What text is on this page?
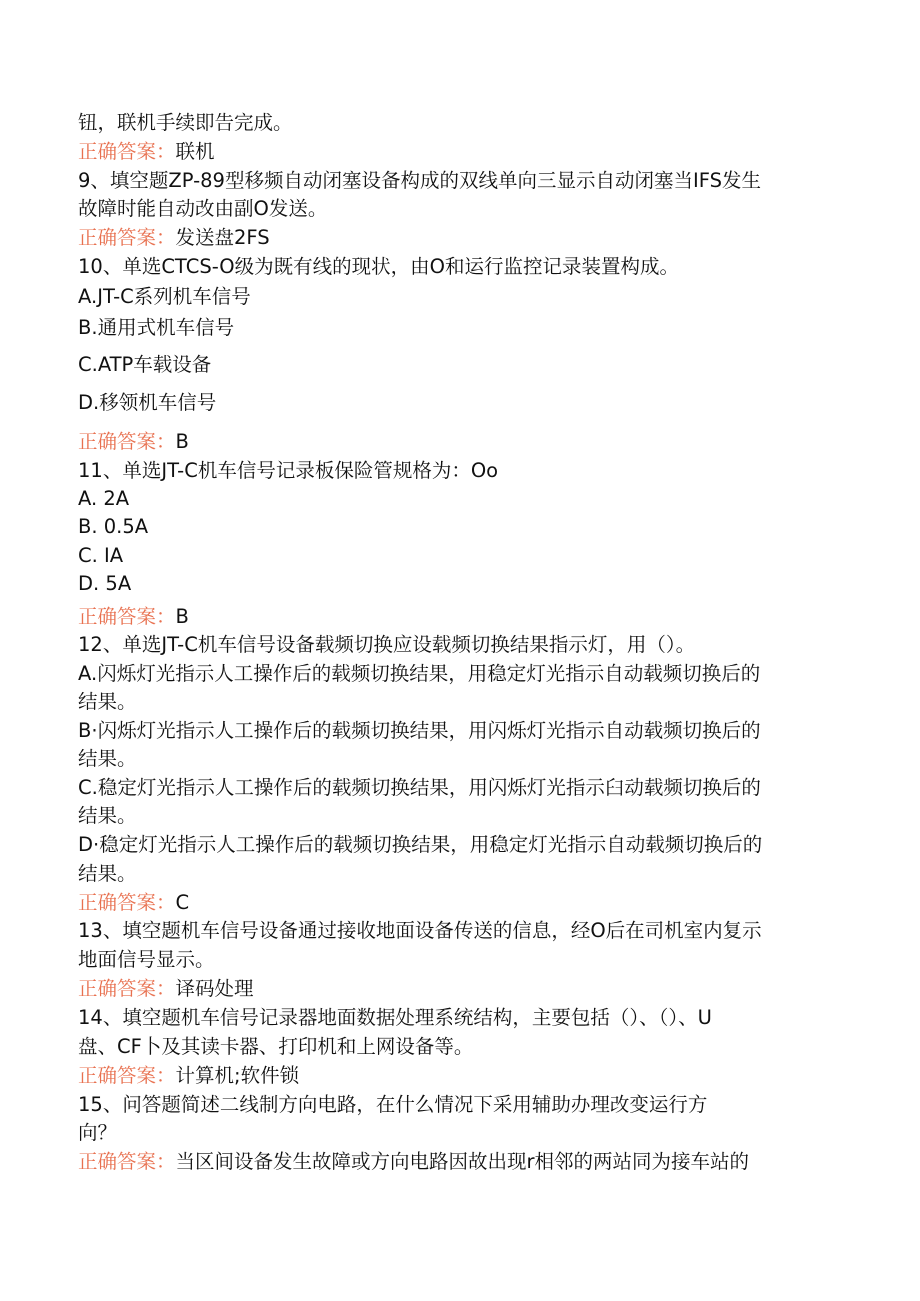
钮，联机手续即告完成。
正确答案：联机
9、填空题ZP-89型移频自动闭塞设备构成的双线单向三显示自动闭塞当IFS发生
故障时能自动改由副O发送。
正确答案：发送盘2FS
10、单选CTCS-O级为既有线的现状，由O和运行监控记录装置构成。
A.JT-C系列机车信号
B.通用式机车信号
C.ATP车载设备
D.移领机车信号
正确答案：B
11、单选JT-C机车信号记录板保险管规格为：Oo
A. 2A
B. 0.5A
C. IA
D. 5A
正确答案：B
12、单选JT-C机车信号设备载频切换应设载频切换结果指示灯，用（）。
A.闪烁灯光指示人工操作后的载频切换结果，用稳定灯光指示自动载频切换后的
结果。
B·闪烁灯光指示人工操作后的载频切换结果，用闪烁灯光指示自动载频切换后的
结果。
C.稳定灯光指示人工操作后的载频切换结果，用闪烁灯光指示臼动载频切换后的
结果。
D·稳定灯光指示人工操作后的载频切换结果，用稳定灯光指示自动载频切换后的
结果。
正确答案：C
13、填空题机车信号设备通过接收地面设备传送的信息，经O后在司机室内复示
地面信号显示。
正确答案：译码处理
14、填空题机车信号记录器地面数据处理系统结构，主要包括（）、（）、U
盘、CF卜及其读卡器、打印机和上网设备等。
正确答案：计算机;软件锁
15、问答题简述二线制方向电路，在什么情况下采用辅助办理改变运行方
向？
正确答案：当区间设备发生故障或方向电路因故出现r相邻的两站同为接车站的
